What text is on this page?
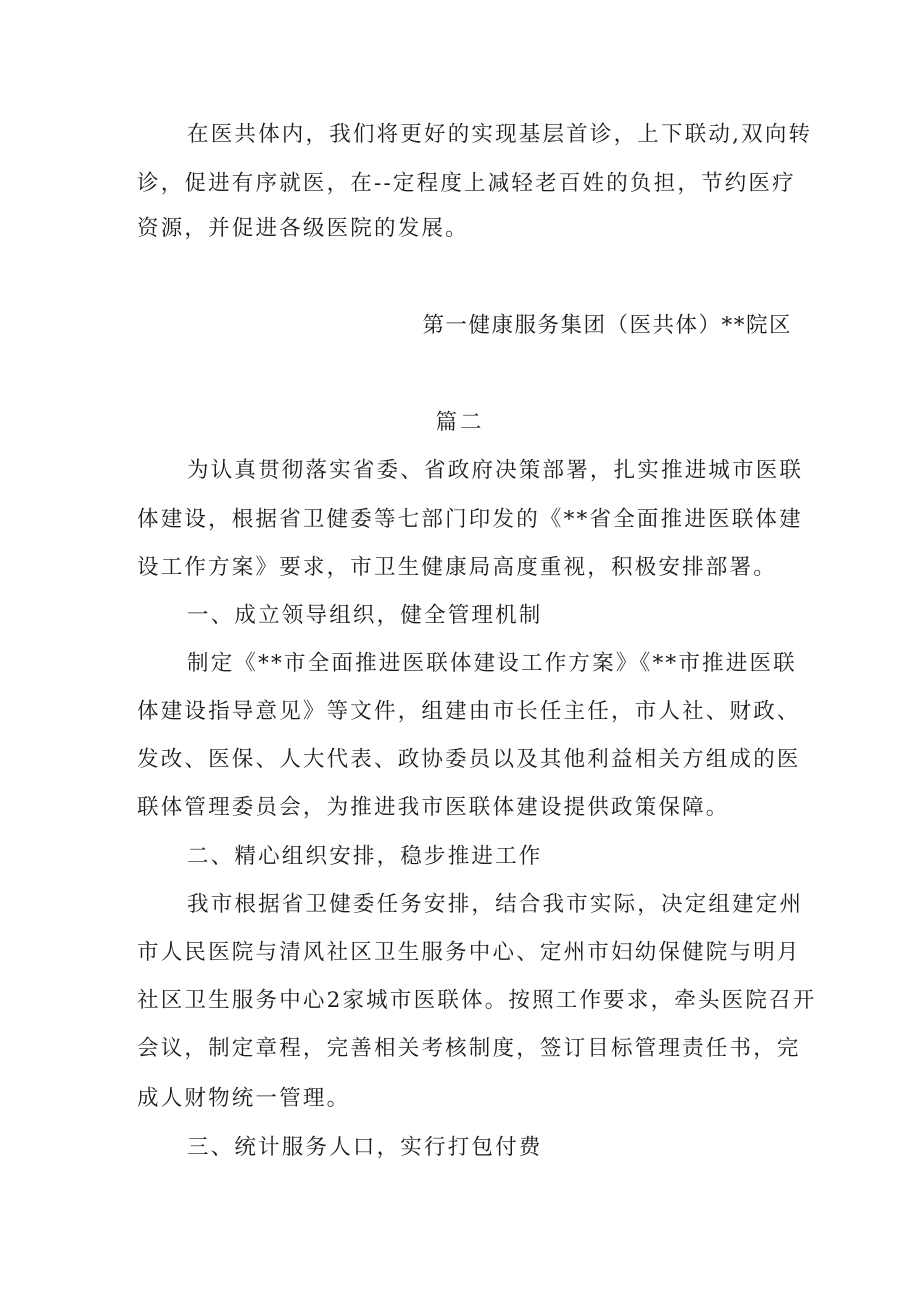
在医共体内，我们将更好的实现基层首诊，上下联动,双向转
诊，促进有序就医，在--定程度上减轻老百姓的负担，节约医疗
资源，并促进各级医院的发展。
第一健康服务集团（医共体）**院区
篇二
为认真贯彻落实省委、省政府决策部署，扎实推进城市医联
体建设，根据省卫健委等七部门印发的《**省全面推进医联体建
设工作方案》要求，市卫生健康局高度重视，积极安排部署。
一、成立领导组织，健全管理机制
制定《**市全面推进医联体建设工作方案》《**市推进医联
体建设指导意见》等文件，组建由市长任主任，市人社、财政、
发改、医保、人大代表、政协委员以及其他利益相关方组成的医
联体管理委员会，为推进我市医联体建设提供政策保障。
二、精心组织安排，稳步推进工作
我市根据省卫健委任务安排，结合我市实际，决定组建定州
市人民医院与清风社区卫生服务中心、定州市妇幼保健院与明月
社区卫生服务中心2家城市医联体。按照工作要求，牵头医院召开
会议，制定章程，完善相关考核制度，签订目标管理责任书，完
成人财物统一管理。
三、统计服务人口，实行打包付费
